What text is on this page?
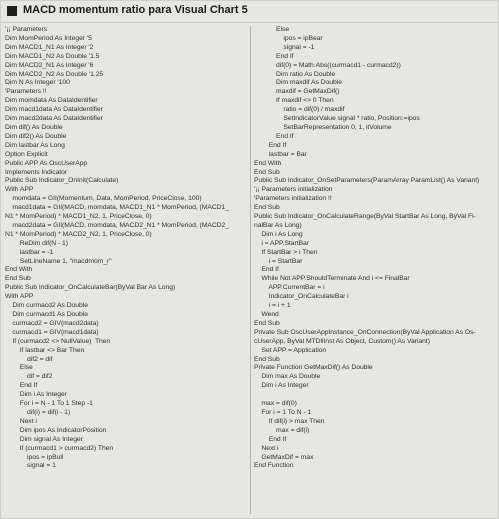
MACD momentum ratio para Visual Chart 5
'¡¡ Parameters
Dim MomPeriod As Integer '5
Dim MACD1_N1 As Integer '2
Dim MACD1_N2 As Double '1.5
Dim MACD2_N1 As Integer '6
Dim MACD2_N2 As Double '1.25
Dim N As Integer '100
'Parameters !!
Dim momdata As DataIdentifier
Dim macd1data As DataIdentifier
Dim macd2data As DataIdentifier
Dim dif() As Double
Dim dif2() As Double
Dim lastbar As Long
Option Explicit
Public APP As OscUserApp
Implements Indicator
Public Sub Indicator_OnInit(Calculate)
With APP
momdata = GII(Momentum, Data, MomPeriod, PriceClose, 100)
macd1data = GII(MACD, momdata, MACD1_N1 * MomPeriod, (MACD1_
N1 * MomPeriod) * MACD1_N2, 1, PriceClose, 0)
macd2data = GII(MACD, momdata, MACD2_N1 * MomPeriod, (MACD2_
N1 * MomPeriod) * MACD2_N2, 1, PriceClose, 0)
ReDim dif(N - 1)
lastbar = -1
SetLineName 1, "macdmom_r"
End With
End Sub
Public Sub Indicator_OnCalculateBar(ByVal Bar As Long)
With APP
Dim curmacd2 As Double
Dim curmacd1 As Double
curmacd2 = GIV(macd2data)
curmacd1 = GIV(macd1data)
If (curmacd2 <> NullValue)  Then
If lastbar <> Bar Then
dif2 = dif
Else
dif = dif2
End If
Dim i As Integer
For i = N - 1 To 1 Step -1
dif(i) = dif(i - 1)
Next i
Dim ipos As IndicatorPosition
Dim signal As Integer
If (curmacd1 > curmacd2) Then
ipos = ipBull
signal = 1
Else
ipos = ipBear
signal = -1
End If
dif(0) = Math.Abs((curmacd1 - curmacd2))
Dim ratio As Double
Dim maxdif As Double
maxdif = GetMaxDif()
If maxdif <> 0 Then
ratio = dif(0) / maxdif
SetIndicatorValue signal * ratio, Position:=ipos
SetBarRepresentation 0, 1, itVolume
End If
End If
lastbar = Bar
End With
End Sub
Public Sub Indicator_OnSetParameters(ParamArray ParamList() As Variant)
'¡¡ Parameters initialization
'Parameters initialization !!
End Sub
Public Sub Indicator_OnCalculateRange(ByVal StartBar As Long, ByVal Fi-
nalBar As Long)
Dim i As Long
i = APP.StartBar
If StartBar > i Then
i = StartBar
End If
While Not APP.ShouldTerminate And i <= FinalBar
APP.CurrentBar = i
Indicator_OnCalculateBar i
i = i + 1
Wend
End Sub
Private Sub OscUserAppInstance_OnConnection(ByVal Application As Os-
cUserApp, ByVal MTDllInst As Object, Custom() As Variant)
Set APP = Application
End Sub
Private Function GetMaxDif() As Double
Dim max As Double
Dim i As Integer

max = dif(0)
For i = 1 To N - 1
If dif(i) > max Then
max = dif(i)
End If
Next i
GetMaxDif = max
End Function
